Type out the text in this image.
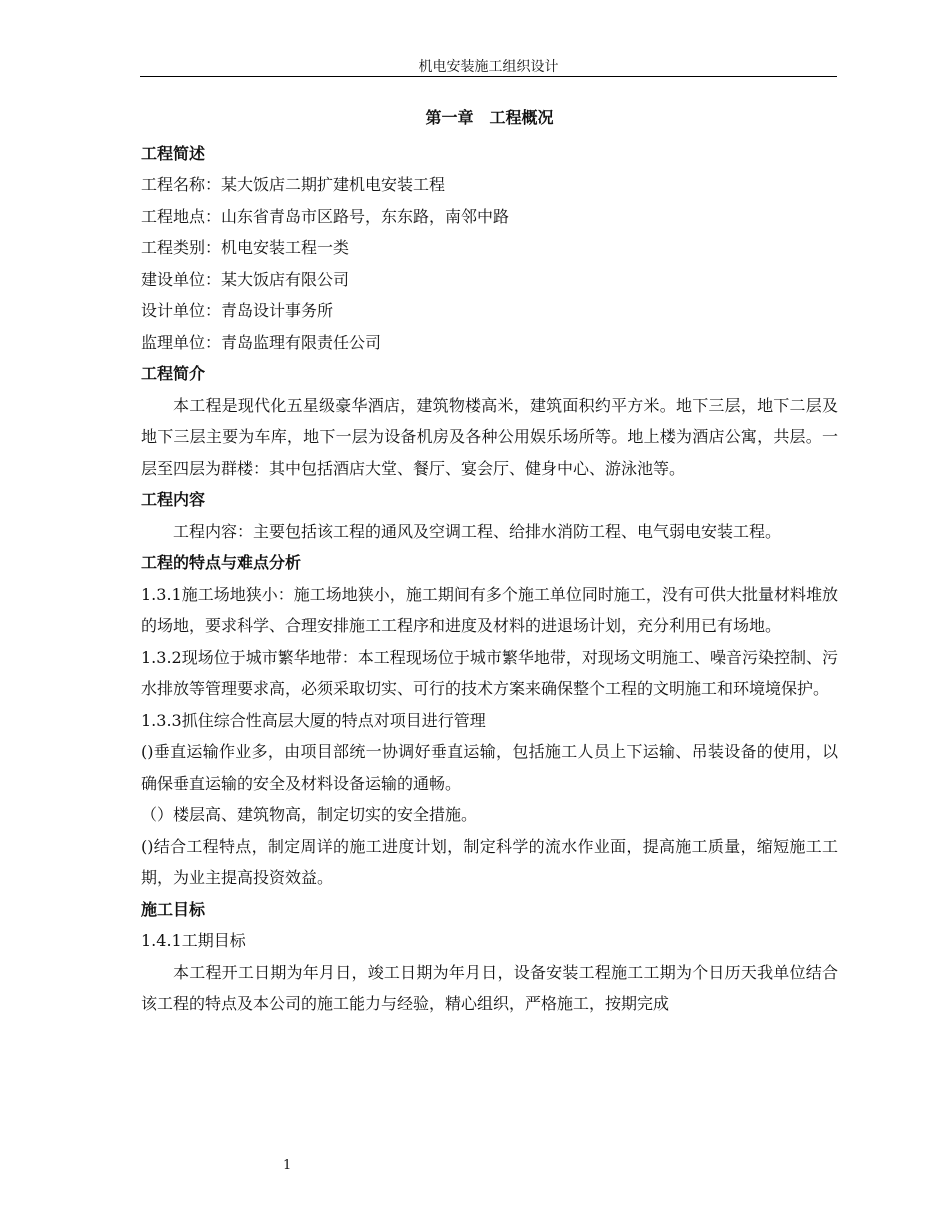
机电安装施工组织设计
第一章　工程概况
工程简述
工程名称：某大饭店二期扩建机电安装工程
工程地点：山东省青岛市区路号，东东路，南邻中路
工程类别：机电安装工程一类
建设单位：某大饭店有限公司
设计单位：青岛设计事务所
监理单位：青岛监理有限责任公司
工程简介
本工程是现代化五星级豪华酒店，建筑物楼高米，建筑面积约平方米。地下三层，地下二层及地下三层主要为车库，地下一层为设备机房及各种公用娱乐场所等。地上楼为酒店公寓，共层。一层至四层为群楼：其中包括酒店大堂、餐厅、宴会厅、健身中心、游泳池等。
工程内容
工程内容：主要包括该工程的通风及空调工程、给排水消防工程、电气弱电安装工程。
工程的特点与难点分析
1.3.1施工场地狭小：施工场地狭小，施工期间有多个施工单位同时施工，没有可供大批量材料堆放的场地，要求科学、合理安排施工工程序和进度及材料的进退场计划，充分利用已有场地。
1.3.2现场位于城市繁华地带：本工程现场位于城市繁华地带，对现场文明施工、噪音污染控制、污水排放等管理要求高，必须采取切实、可行的技术方案来确保整个工程的文明施工和环境境保护。
1.3.3抓住综合性高层大厦的特点对项目进行管理
()垂直运输作业多，由项目部统一协调好垂直运输，包括施工人员上下运输、吊装设备的使用，以确保垂直运输的安全及材料设备运输的通畅。
（）楼层高、建筑物高，制定切实的安全措施。
()结合工程特点，制定周详的施工进度计划，制定科学的流水作业面，提高施工质量，缩短施工工期，为业主提高投资效益。
施工目标
1.4.1工期目标
本工程开工日期为年月日，竣工日期为年月日，设备安装工程施工工期为个日历天我单位结合该工程的特点及本公司的施工能力与经验，精心组织，严格施工，按期完成
1
